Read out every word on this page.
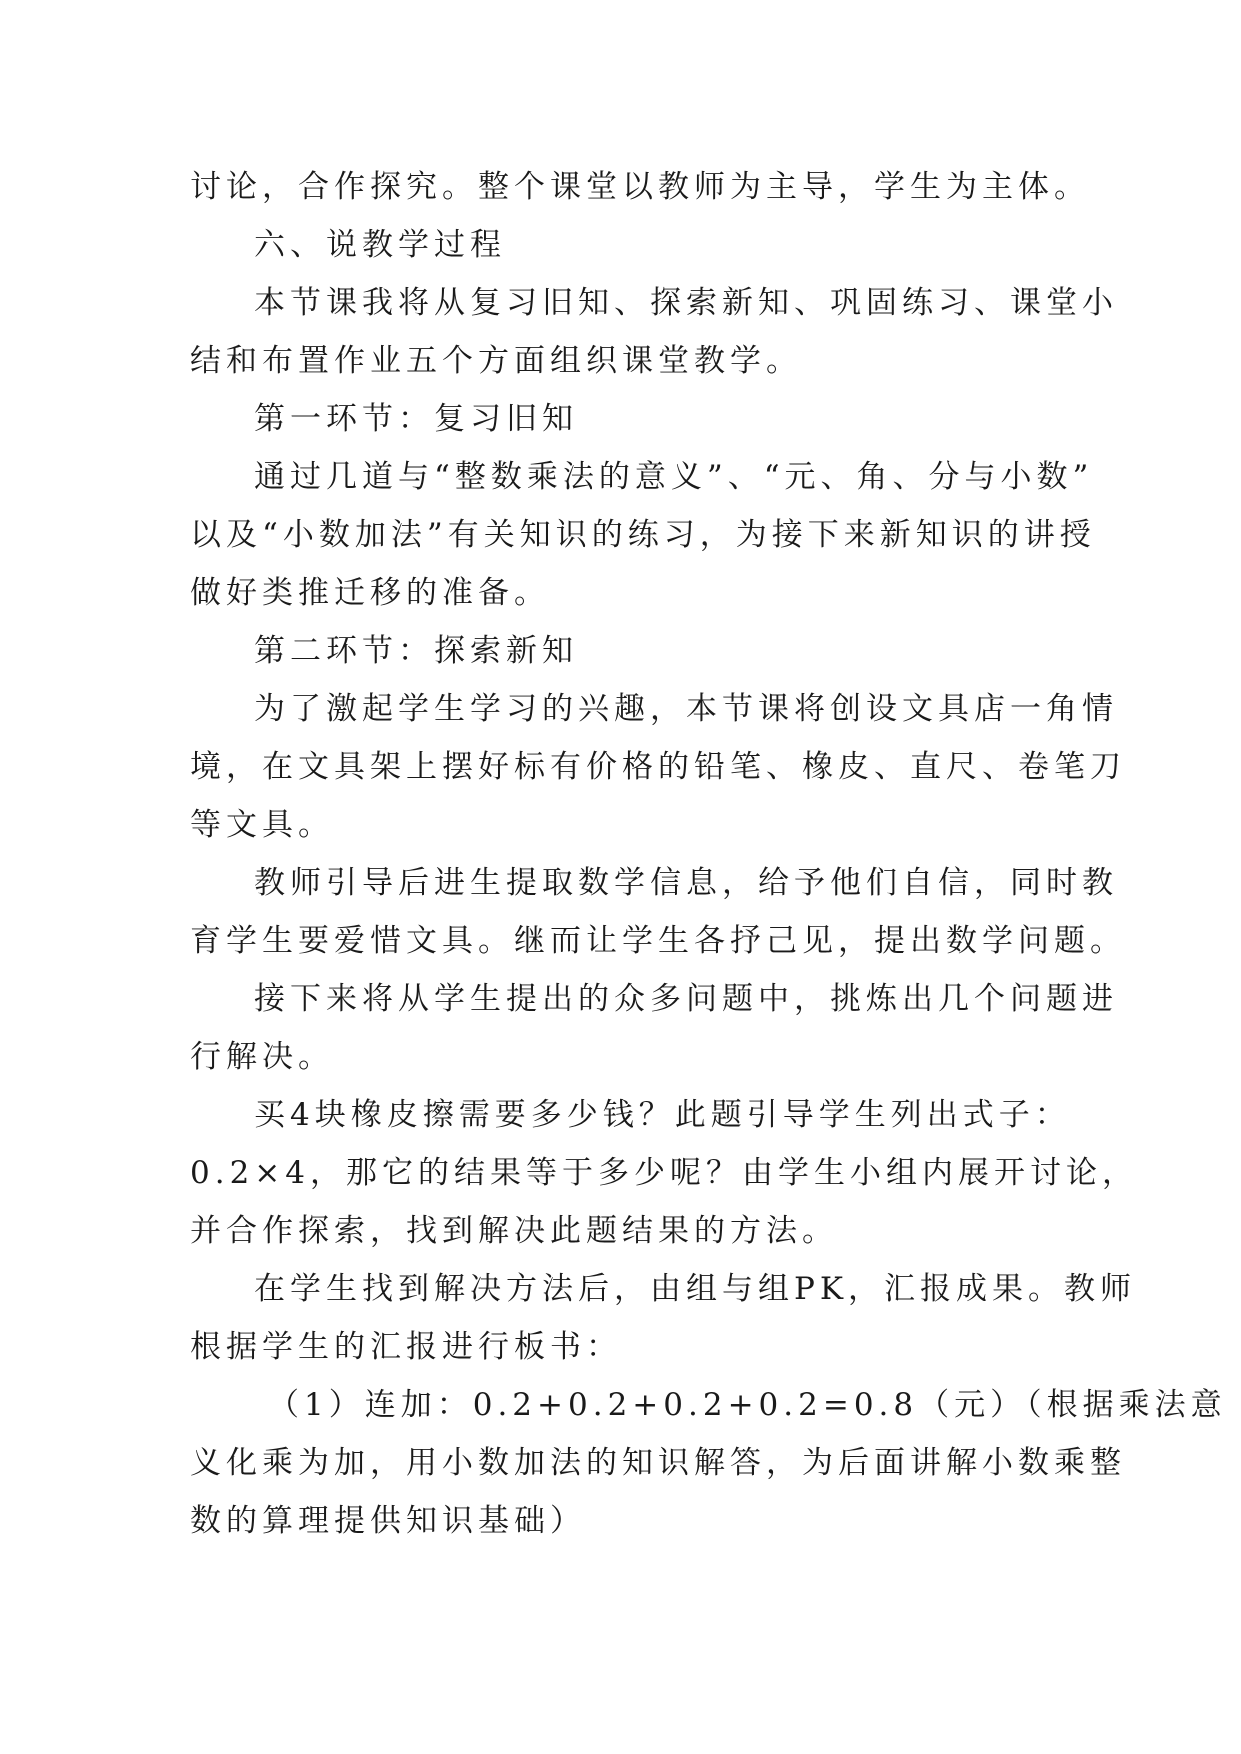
讨论，合作探究。整个课堂以教师为主导，学生为主体。
六、说教学过程
本节课我将从复习旧知、探索新知、巩固练习、课堂小
结和布置作业五个方面组织课堂教学。
第一环节：复习旧知
通过几道与“整数乘法的意义”、“元、角、分与小数”
以及“小数加法”有关知识的练习，为接下来新知识的讲授
做好类推迁移的准备。
第二环节：探索新知
为了激起学生学习的兴趣，本节课将创设文具店一角情
境，在文具架上摆好标有价格的铅笔、橡皮、直尺、卷笔刀
等文具。
教师引导后进生提取数学信息，给予他们自信，同时教
育学生要爱惜文具。继而让学生各抒己见，提出数学问题。
接下来将从学生提出的众多问题中，挑炼出几个问题进
行解决。
买4块橡皮擦需要多少钱？此题引导学生列出式子：
0.2×4，那它的结果等于多少呢？由学生小组内展开讨论，
并合作探索，找到解决此题结果的方法。
在学生找到解决方法后，由组与组PK，汇报成果。教师
根据学生的汇报进行板书：
（1）连加：0.2+0.2+0.2+0.2=0.8（元）（根据乘法意
义化乘为加，用小数加法的知识解答，为后面讲解小数乘整
数的算理提供知识基础）
